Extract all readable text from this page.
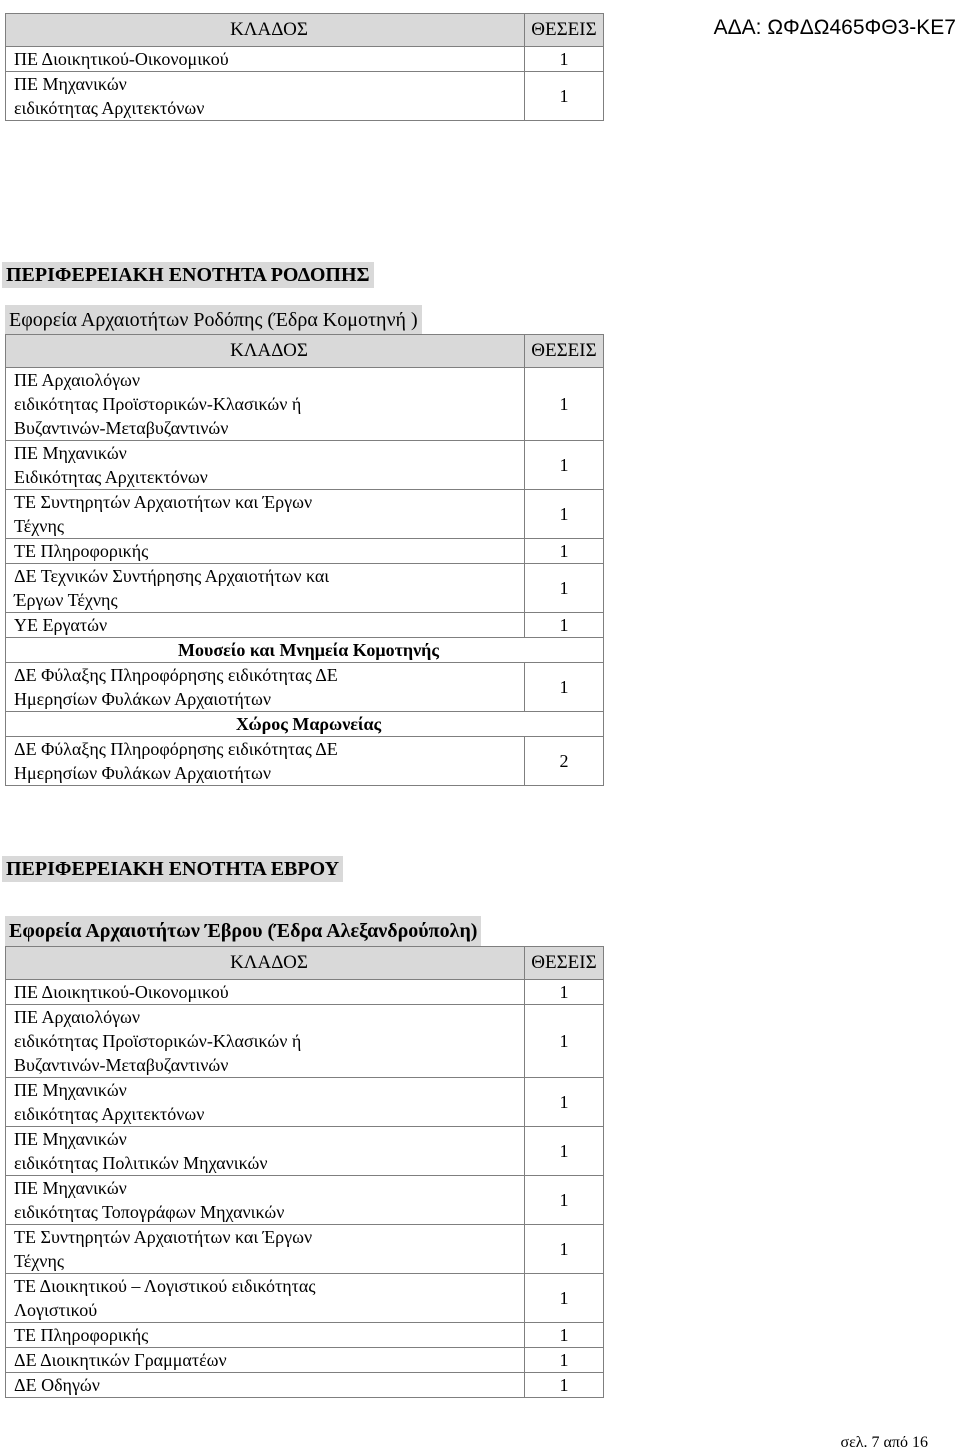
ΑΔΑ: ΩΦΔΩ465ΦΘ3-ΚΕ7
ΚΛΑΔΟΣ	ΘΕΣΕΙΣ

ΠΕ Διοικητικού-Οικονομικού	1

ΠΕ Μηχανικών
ειδικότητας Αρχιτεκτόνων	1
ΠΕΡΙΦΕΡΕΙΑΚΗ ΕΝΟΤΗΤΑ ΡΟΔΟΠΗΣ
Εφορεία Αρχαιοτήτων Ροδόπης (Έδρα Κομοτηνή )
ΚΛΑΔΟΣ	ΘΕΣΕΙΣ

ΠΕ Αρχαιολόγων
ειδικότητας Προϊστορικών-Κλασικών ή
Βυζαντινών-Μεταβυζαντινών	1

ΠΕ Μηχανικών
Ειδικότητας Αρχιτεκτόνων	1

ΤΕ Συντηρητών Αρχαιοτήτων και Έργων
Τέχνης	1

ΤΕ Πληροφορικής	1

ΔΕ Τεχνικών Συντήρησης Αρχαιοτήτων και
Έργων Τέχνης	1

ΥΕ Εργατών	1
Μουσείο και Μνημεία Κομοτηνής	

ΔΕ Φύλαξης Πληροφόρησης ειδικότητας ΔΕ
Ημερησίων Φυλάκων Αρχαιοτήτων	1
Χώρος Μαρωνείας	

ΔΕ Φύλαξης Πληροφόρησης ειδικότητας ΔΕ
Ημερησίων Φυλάκων Αρχαιοτήτων	2
ΠΕΡΙΦΕΡΕΙΑΚΗ ΕΝΟΤΗΤΑ ΕΒΡΟΥ
Εφορεία Αρχαιοτήτων Έβρου (Έδρα Αλεξανδρούπολη)
ΚΛΑΔΟΣ	ΘΕΣΕΙΣ

ΠΕ Διοικητικού-Οικονομικού	1

ΠΕ Αρχαιολόγων
ειδικότητας Προϊστορικών-Κλασικών ή
Βυζαντινών-Μεταβυζαντινών	1

ΠΕ Μηχανικών
ειδικότητας Αρχιτεκτόνων	1

ΠΕ Μηχανικών
ειδικότητας Πολιτικών Μηχανικών	1

ΠΕ Μηχανικών
ειδικότητας Τοπογράφων Μηχανικών	1

ΤΕ Συντηρητών Αρχαιοτήτων και Έργων
Τέχνης	1

ΤΕ Διοικητικού – Λογιστικού ειδικότητας
Λογιστικού	1

ΤΕ Πληροφορικής	1

ΔΕ Διοικητικών Γραμματέων	1

ΔΕ Οδηγών	1
σελ. 7 από 16
